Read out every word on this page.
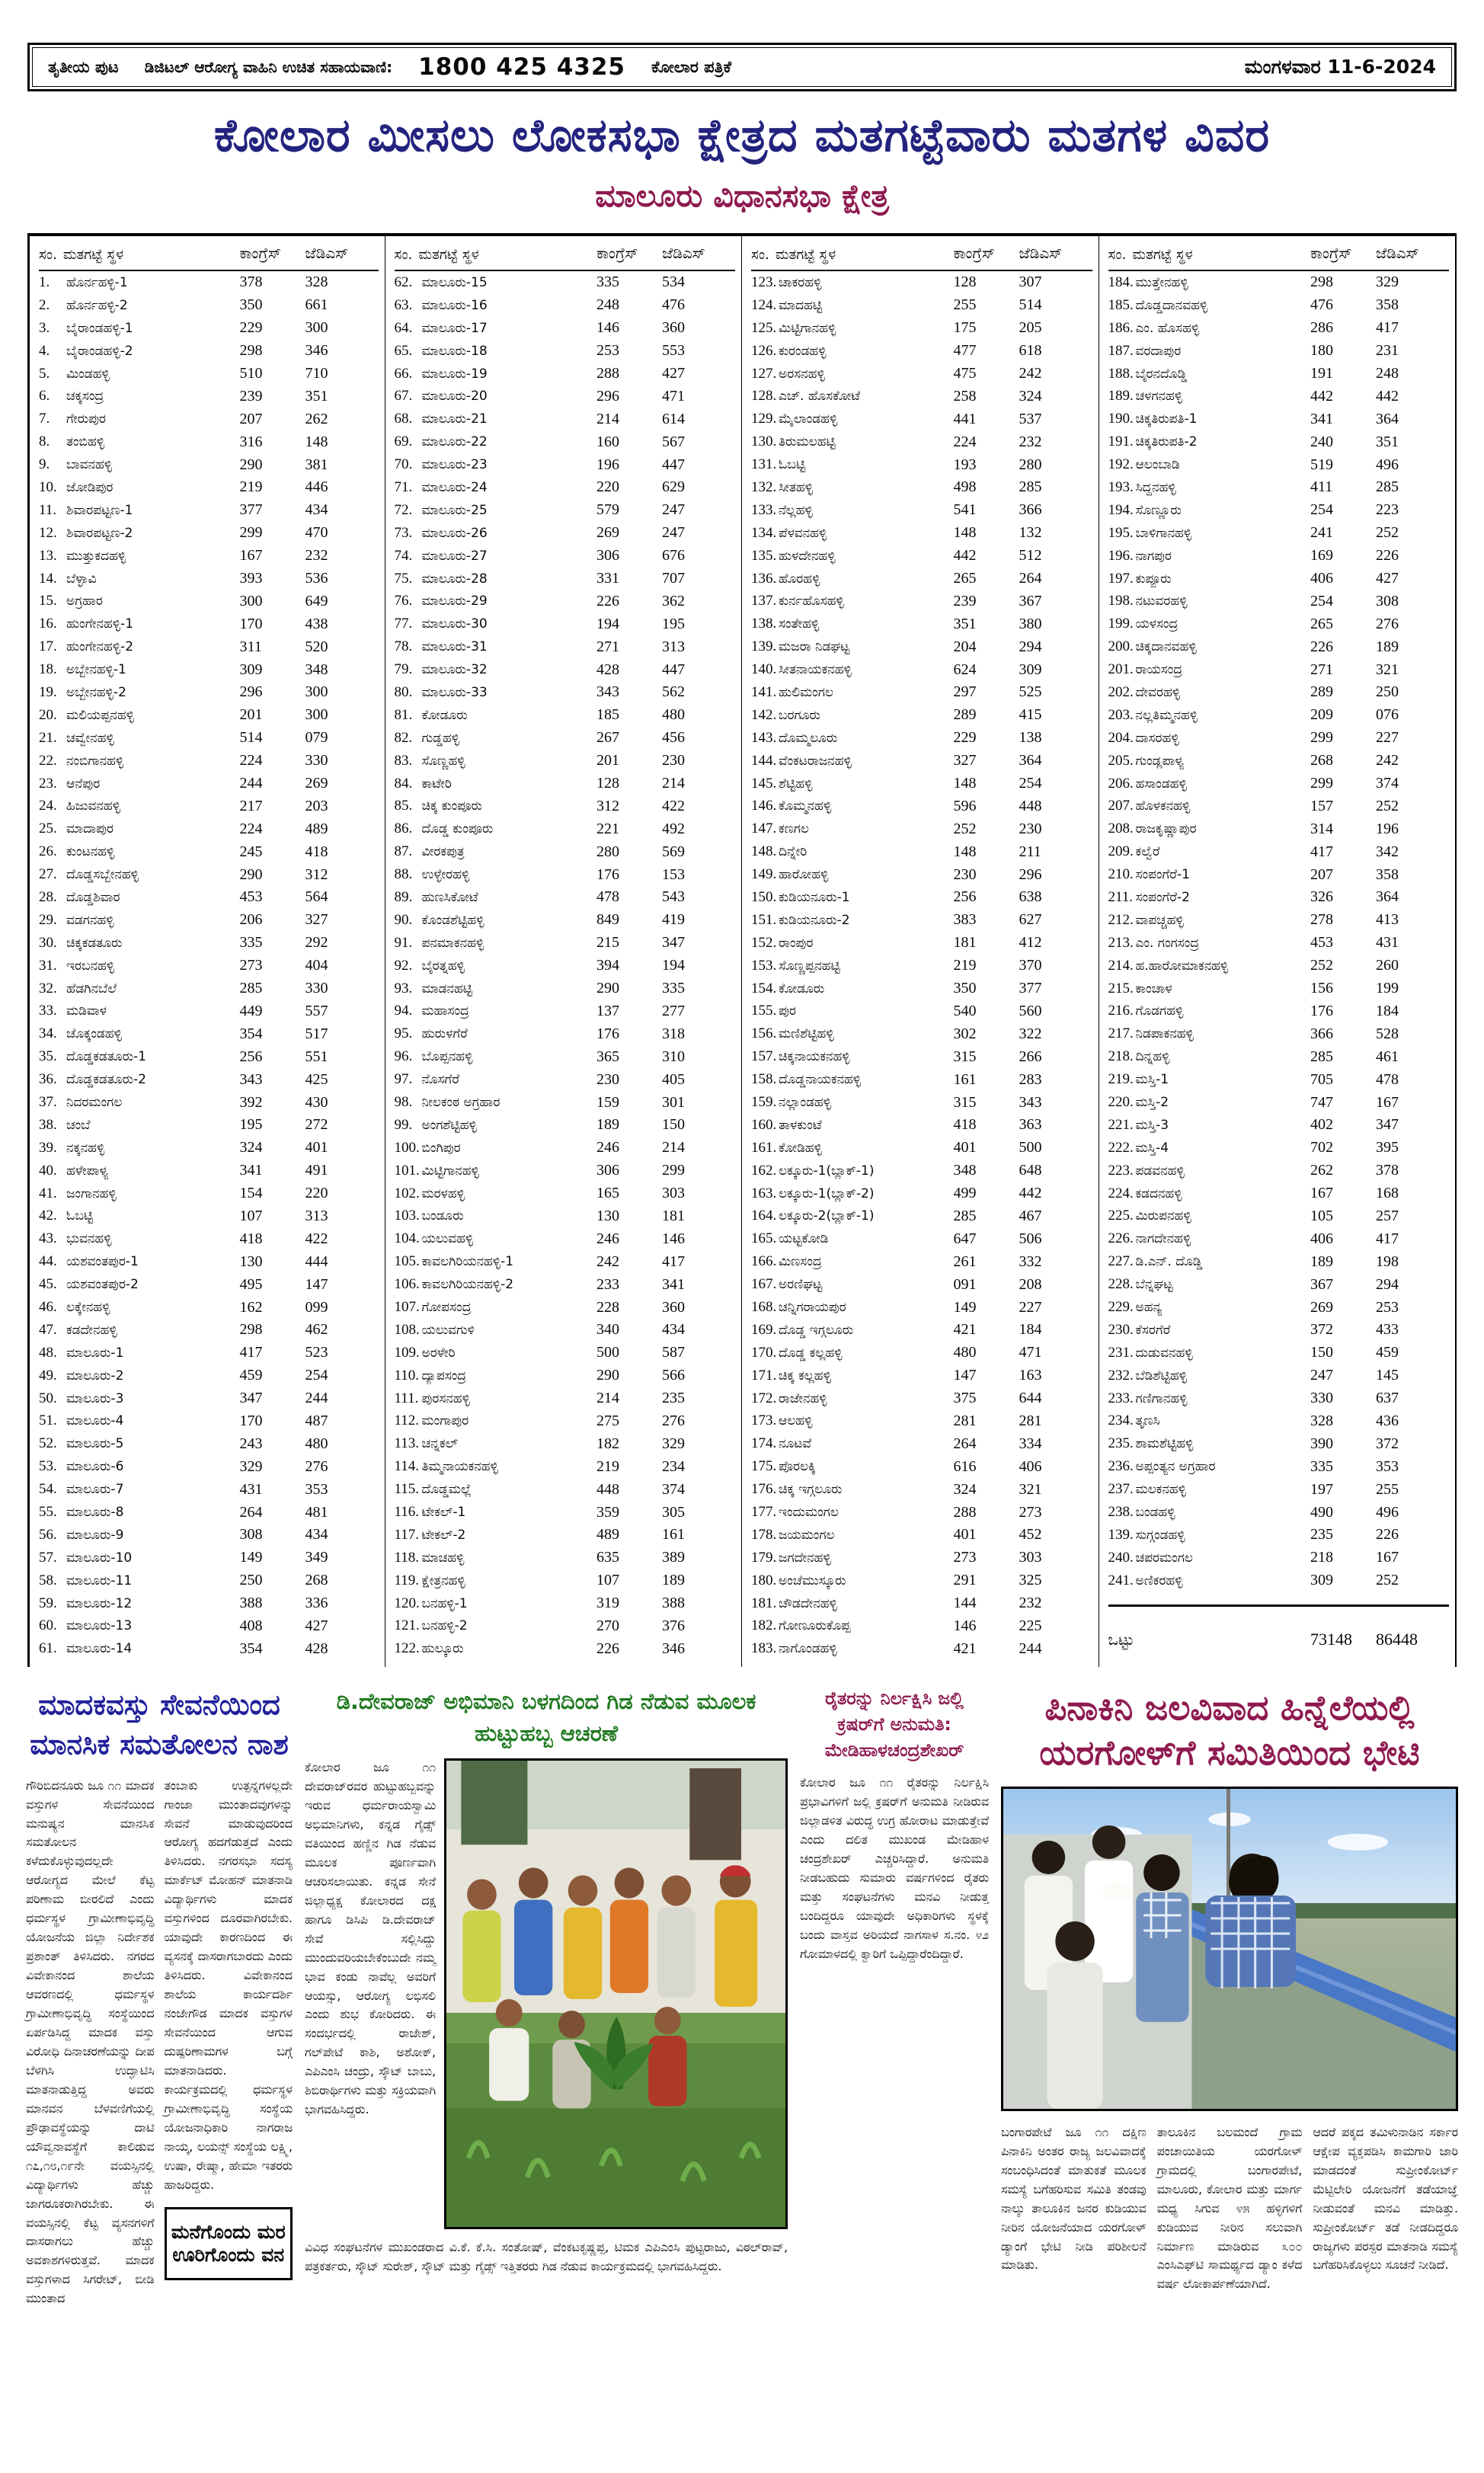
ತೃತೀಯ ಪುಟ ಡಿಜಿಟಲ್ ಆರೋಗ್ಯ ವಾಹಿನಿ ಉಚಿತ ಸಹಾಯವಾಣಿ: 1800 425 4325 ಕೋಲಾರ ಪತ್ರಿಕೆ	ಮಂಗಳವಾರ 11-6-2024
ಕೋಲಾರ ಮೀಸಲು ಲೋಕಸಭಾ ಕ್ಷೇತ್ರದ ಮತಗಟ್ಟೆವಾರು ಮತಗಳ ವಿವರ
ಮಾಲೂರು ವಿಧಾನಸಭಾ ಕ್ಷೇತ್ರ
ಸಂ. ಮತಗಟ್ಟೆ ಸ್ಥಳ	ಕಾಂಗ್ರೆಸ್	ಜೆಡಿಎಸ್
1. ಹೊರ್ನಹಳ್ಳಿ-1	378	328
2. ಹೊರ್ನಹಳ್ಳಿ-2	350	661
3. ಬೈರಾಂಡಹಳ್ಳಿ-1	229	300
4. ಬೈರಾಂಡಹಳ್ಳಿ-2	298	346
5. ಮಿಂಡಹಳ್ಳಿ	510	710
6. ಚಕ್ಕಸಂದ್ರ	239	351
7. ಗೇರುಪುರ	207	262
8. ತಂಬಿಹಳ್ಳಿ	316	148
9. ಬಾವನಹಳ್ಳಿ	290	381
10. ಜೋಡಿಪುರ	219	446
11. ಶಿವಾರಪಟ್ಟಣ-1	377	434
12. ಶಿವಾರಪಟ್ಟಣ-2	299	470
13. ಮುತ್ತುಕದಹಳ್ಳಿ	167	232
14. ಬೆಳ್ಳಾವಿ	393	536
15. ಅಗ್ರಹಾರ	300	649
16. ಹುಂಗೇನಹಳ್ಳಿ-1	170	438
17. ಹುಂಗೇನಹಳ್ಳಿ-2	311	520
18. ಅಬ್ಬೇನಹಳ್ಳಿ-1	309	348
19. ಅಬ್ಬೇನಹಳ್ಳಿ-2	296	300
20. ಮಲಿಯಪ್ಪನಹಳ್ಳಿ	201	300
21. ಚವ್ವೇನಹಳ್ಳಿ	514	079
22. ನಂಬಿಗಾನಹಳ್ಳಿ	224	330
23. ಆನೆಪುರ	244	269
24. ಹಿಜುವನಹಳ್ಳಿ	217	203
25. ಮಾದಾಪುರ	224	489
26. ಕುಂಟನಹಳ್ಳಿ	245	418
27. ದೊಡ್ಡಸಬ್ಬೇನಹಳ್ಳಿ	290	312
28. ದೊಡ್ಡಶಿವಾರ	453	564
29. ವಡಗನಹಳ್ಳಿ	206	327
30. ಚಿಕ್ಕಕಡತೂರು	335	292
31. ಇರಬನಹಳ್ಳಿ	273	404
32. ಹೆಡಗಿನಬೆಲೆ	285	330
33. ಮಡಿವಾಳ	449	557
34. ಚೊಕ್ಕಂಡಹಳ್ಳಿ	354	517
35. ದೊಡ್ಡಕಡತೂರು-1	256	551
36. ದೊಡ್ಡಕಡತೂರು-2	343	425
37. ನಿದರಮಂಗಲ	392	430
38. ಚಂಬೆ	195	272
39. ನಕ್ಕನಹಳ್ಳಿ	324	401
40. ಹಳೇಪಾಳ್ಯ	341	491
41. ಜಂಗಾನಹಳ್ಳಿ	154	220
42. ಓಬಟ್ಟಿ	107	313
43. ಭುವನಹಳ್ಳಿ	418	422
44. ಯಶವಂತಪುರ-1	130	444
45. ಯಶವಂತಪುರ-2	495	147
46. ಲಕ್ಕೇನಹಳ್ಳಿ	162	099
47. ಕಡದೇನಹಳ್ಳಿ	298	462
48. ಮಾಲೂರು-1	417	523
49. ಮಾಲೂರು-2	459	254
50. ಮಾಲೂರು-3	347	244
51. ಮಾಲೂರು-4	170	487
52. ಮಾಲೂರು-5	243	480
53. ಮಾಲೂರು-6	329	276
54. ಮಾಲೂರು-7	431	353
55. ಮಾಲೂರು-8	264	481
56. ಮಾಲೂರು-9	308	434
57. ಮಾಲೂರು-10	149	349
58. ಮಾಲೂರು-11	250	268
59. ಮಾಲೂರು-12	388	336
60. ಮಾಲೂರು-13	408	427
61. ಮಾಲೂರು-14	354	428
ಸಂ. ಮತಗಟ್ಟೆ ಸ್ಥಳ	ಕಾಂಗ್ರೆಸ್	ಜೆಡಿಎಸ್
62. ಮಾಲೂರು-15	335	534
63. ಮಾಲೂರು-16	248	476
64. ಮಾಲೂರು-17	146	360
65. ಮಾಲೂರು-18	253	553
66. ಮಾಲೂರು-19	288	427
67. ಮಾಲೂರು-20	296	471
68. ಮಾಲೂರು-21	214	614
69. ಮಾಲೂರು-22	160	567
70. ಮಾಲೂರು-23	196	447
71. ಮಾಲೂರು-24	220	629
72. ಮಾಲೂರು-25	579	247
73. ಮಾಲೂರು-26	269	247
74. ಮಾಲೂರು-27	306	676
75. ಮಾಲೂರು-28	331	707
76. ಮಾಲೂರು-29	226	362
77. ಮಾಲೂರು-30	194	195
78. ಮಾಲೂರು-31	271	313
79. ಮಾಲೂರು-32	428	447
80. ಮಾಲೂರು-33	343	562
81. ಕೋಡೂರು	185	480
82. ಗುಡ್ಡಹಳ್ಳಿ	267	456
83. ಸೊಣ್ಣಹಳ್ಳಿ	201	230
84. ಕಾಟೇರಿ	128	214
85. ಚಿಕ್ಕ ಕುಂಪೂರು	312	422
86. ದೊಡ್ಡ ಕುಂಪೂರು	221	492
87. ವೀರಕಪುತ್ರ	280	569
88. ಉಳ್ಳೇರಹಳ್ಳಿ	176	153
89. ಹುಣಸಿಕೋಟೆ	478	543
90. ಕೊಂಡಶೆಟ್ಟಿಹಳ್ಳಿ	849	419
91. ಪನಮಾಕನಹಳ್ಳಿ	215	347
92. ಬೈರತ್ನಹಳ್ಳಿ	394	194
93. ಮಾಡನಹಟ್ಟಿ	290	335
94. ಮಹಾಸಂದ್ರ	137	277
95. ಹುರುಳಗೆರೆ	176	318
96. ಬೊಪ್ಪನಹಳ್ಳಿ	365	310
97. ನೊಸಗೆರೆ	230	405
98. ನೀಲಕಂಠ ಅಗ್ರಹಾರ	159	301
99. ಅಂಗಶೆಟ್ಟಿಹಳ್ಳಿ	189	150
100. ಬಿಂಗಿಪುರ	246	214
101. ಮಿಟ್ಟಿಗಾನಹಳ್ಳಿ	306	299
102. ಮರಳಹಳ್ಳಿ	165	303
103. ಬಂಡೂರು	130	181
104. ಯಲುವಹಳ್ಳಿ	246	146
105. ಕಾವಲಗಿರಿಯನಹಳ್ಳಿ-1	242	417
106. ಕಾವಲಗಿರಿಯನಹಳ್ಳಿ-2	233	341
107. ಗೋಪಸಂದ್ರ	228	360
108. ಯಲುವಗುಳಿ	340	434
109. ಅರಳೇರಿ	500	587
110. ದ್ಯಾಪಸಂದ್ರ	290	566
111. ಪುರಸನಹಳ್ಳಿ	214	235
112. ಮಂಗಾಪುರ	275	276
113. ಚನ್ನಕಲ್	182	329
114. ತಿಮ್ಮನಾಯಕನಹಳ್ಳಿ	219	234
115. ದೊಡ್ಡಮಲ್ಲೆ	448	374
116. ಟೇಕಲ್-1	359	305
117. ಟೇಕಲ್-2	489	161
118. ಮಾಚಹಳ್ಳಿ	635	389
119. ಕ್ಷೇತ್ರನಹಳ್ಳಿ	107	189
120. ಬನಹಳ್ಳಿ-1	319	388
121. ಬನಹಳ್ಳಿ-2	270	376
122. ಹುಲ್ಕೂರು	226	346
ಸಂ. ಮತಗಟ್ಟೆ ಸ್ಥಳ	ಕಾಂಗ್ರೆಸ್	ಜೆಡಿಎಸ್
123. ಚಾಕರಹಳ್ಳಿ	128	307
124. ಮಾದಹಟ್ಟಿ	255	514
125. ಮಿಟ್ಟಿಗಾನಹಳ್ಳಿ	175	205
126. ಕುರಂಡಹಳ್ಳಿ	477	618
127. ಅರಸನಹಳ್ಳಿ	475	242
128. ಎಚ್. ಹೊಸಕೋಟೆ	258	324
129. ಮೈಲಾಂಡಹಳ್ಳಿ	441	537
130. ತಿರುಮಲಹಟ್ಟಿ	224	232
131. ಓಬಟ್ಟಿ	193	280
132. ಸೀತಹಳ್ಳಿ	498	285
133. ನೆಲ್ಲಹಳ್ಳಿ	541	366
134. ಪೆಳವನಹಳ್ಳಿ	148	132
135. ಹುಳದೇನಹಳ್ಳಿ	442	512
136. ಹೊರಹಳ್ಳಿ	265	264
137. ಕುರ್ನಹೊಸಹಳ್ಳಿ	239	367
138. ಸಂತೇಹಳ್ಳಿ	351	380
139. ಮಜರಾ ನಿಡಘಟ್ಟ	204	294
140. ಸೀತನಾಯಕನಹಳ್ಳಿ	624	309
141. ಹುಲಿಮಂಗಲ	297	525
142. ಬರಗೂರು	289	415
143. ದೊಮ್ಮಲೂರು	229	138
144. ವೆಂಕಟರಾಜನಹಳ್ಳಿ	327	364
145. ಶೆಟ್ಟಿಹಳ್ಳಿ	148	254
146. ಕೊಮ್ಮನಹಳ್ಳಿ	596	448
147. ಕಣಗಲ	252	230
148. ದಿನ್ನೇರಿ	148	211
149. ಹಾರೋಹಳ್ಳಿ	230	296
150. ಕುಡಿಯನೂರು-1	256	638
151. ಕುಡಿಯನೂರು-2	383	627
152. ರಾಂಪುರ	181	412
153. ಸೊಣ್ಣಪ್ಪನಹಟ್ಟಿ	219	370
154. ಕೋಡೂರು	350	377
155. ಪುರ	540	560
156. ಮಣಿಶೆಟ್ಟಿಹಳ್ಳಿ	302	322
157. ಚಿಕ್ಕನಾಯಕನಹಳ್ಳಿ	315	266
158. ದೊಡ್ಡನಾಯಕನಹಳ್ಳಿ	161	283
159. ನಲ್ಲಾಂಡಹಳ್ಳಿ	315	343
160. ತಾಳಕುಂಟೆ	418	363
161. ಕೋಡಿಹಳ್ಳಿ	401	500
162. ಲಕ್ಕೂರು-1(ಬ್ಲಾಕ್-1)	348	648
163. ಲಕ್ಕೂರು-1(ಬ್ಲಾಕ್-2)	499	442
164. ಲಕ್ಕೂರು-2(ಬ್ಲಾಕ್-1)	285	467
165. ಯಟ್ಟಕೋಡಿ	647	506
166. ಮಿಣಸಂದ್ರ	261	332
167. ಅರಣಿಘಟ್ಟ	091	208
168. ಚನ್ನಿಗರಾಯಪುರ	149	227
169. ದೊಡ್ಡ ಇಗ್ಗಲೂರು	421	184
170. ದೊಡ್ಡ ಕಲ್ಲಹಳ್ಳಿ	480	471
171. ಚಿಕ್ಕ ಕಲ್ಲಹಳ್ಳಿ	147	163
172. ರಾಜೇನಹಳ್ಳಿ	375	644
173. ಆಲಹಳ್ಳಿ	281	281
174. ನೂಟವೆ	264	334
175. ಪೊರಲಕ್ಕಿ	616	406
176. ಚಿಕ್ಕ ಇಗ್ಗಲೂರು	324	321
177. ಇಂದುಮಂಗಲ	288	273
178. ಜಯಮಂಗಲ	401	452
179. ಜಗದೇನಹಳ್ಳಿ	273	303
180. ಅಂಚೆಮುಸ್ಕೂರು	291	325
181. ಚೌಡದೇನಹಳ್ಳಿ	144	232
182. ಗೋಣೂರುಕೊಪ್ಪ	146	225
183. ನಾಗೊಂಡಹಳ್ಳಿ	421	244
ಸಂ. ಮತಗಟ್ಟೆ ಸ್ಥಳ	ಕಾಂಗ್ರೆಸ್	ಜೆಡಿಎಸ್
184. ಮುತ್ತೇನಹಳ್ಳಿ	298	329
185. ದೊಡ್ಡದಾನವಹಳ್ಳಿ	476	358
186. ಎಂ. ಹೊಸಹಳ್ಳಿ	286	417
187. ವರದಾಪುರ	180	231
188. ಬೈರನದೊಡ್ಡಿ	191	248
189. ಚಳಗನಹಳ್ಳಿ	442	442
190. ಚಿಕ್ಕತಿರುಪತಿ-1	341	364
191. ಚಿಕ್ಕತಿರುಪತಿ-2	240	351
192. ಆಲಂಬಾಡಿ	519	496
193. ಸಿದ್ದನಹಳ್ಳಿ	411	285
194. ಸೊಣ್ಣೂರು	254	223
195. ಬಾಳಿಗಾನಹಳ್ಳಿ	241	252
196. ನಾಗಪುರ	169	226
197. ಕುಪ್ಪೂರು	406	427
198. ನಟುವರಹಳ್ಳಿ	254	308
199. ಯಳಸಂದ್ರ	265	276
200. ಚಿಕ್ಕದಾನವಹಳ್ಳಿ	226	189
201. ರಾಯಸಂದ್ರ	271	321
202. ದೇವರಹಳ್ಳಿ	289	250
203. ನಲ್ಲತಿಮ್ಮನಹಳ್ಳಿ	209	076
204. ದಾಸರಹಳ್ಳಿ	299	227
205. ಗುಂಡ್ಲಪಾಳ್ಯ	268	242
206. ಹಸಾಂಡಹಳ್ಳಿ	299	374
207. ಹೊಳಕನಹಳ್ಳಿ	157	252
208. ರಾಜಕೃಷ್ಣಾಪುರ	314	196
209. ಕಲ್ವೆರೆ	417	342
210. ಸಂಪಂಗೆರೆ-1	207	358
211. ಸಂಪಂಗೆರೆ-2	326	364
212. ವಾಪಚ್ಚಹಳ್ಳಿ	278	413
213. ಎಂ. ಗಂಗಸಂದ್ರ	453	431
214. ಹ.ಹಾರೋಮಾಕನಹಳ್ಳಿ	252	260
215. ಕಾಂಚಾಳ	156	199
216. ಗೊಡಗಹಳ್ಳಿ	176	184
217. ನಿಡಪಾಕನಹಳ್ಳಿ	366	528
218. ದಿನ್ನಹಳ್ಳಿ	285	461
219. ಮಸ್ತಿ-1	705	478
220. ಮಸ್ತಿ-2	747	167
221. ಮಸ್ತಿ-3	402	347
222. ಮಸ್ತಿ-4	702	395
223. ಪಡವನಹಳ್ಳಿ	262	378
224. ಕಡದನಹಳ್ಳಿ	167	168
225. ಮಿರುಪನಹಳ್ಳಿ	105	257
226. ನಾಗದೇನಹಳ್ಳಿ	406	417
227. ಡಿ.ಎನ್. ದೊಡ್ಡಿ	189	198
228. ಬೆನ್ನಘಟ್ಟ	367	294
229. ಅಹನ್ಯ	269	253
230. ಕೆಸರಗೆರೆ	372	433
231. ದುಡುವನಹಳ್ಳಿ	150	459
232. ಬೆಡಿಶೆಟ್ಟಿಹಳ್ಳಿ	247	145
233. ಗಣಿಗಾನಹಳ್ಳಿ	330	637
234. ತೃಣಸಿ	328	436
235. ಶಾಮಶೆಟ್ಟಿಹಳ್ಳಿ	390	372
236. ಅಪ್ಪಂತ್ಯನ ಅಗ್ರಹಾರ	335	353
237. ಮಲಕನಹಳ್ಳಿ	197	255
238. ಬಂಡಹಳ್ಳಿ	490	496
139. ಸುಗ್ಗಂಡಹಳ್ಳಿ	235	226
240. ಚಪರಮಂಗಲ	218	167
241. ಅಣಿಕರಹಳ್ಳಿ	309	252
ಒಟ್ಟು	73148	86448
ಮಾದಕವಸ್ತು ಸೇವನೆಯಿಂದ ಮಾನಸಿಕ ಸಮತೋಲನ ನಾಶ
ಗೌರಿಬಿದನೂರು ಜೂ ೧೧ ಮಾದಕ ವಸ್ತುಗಳ ಸೇವನೆಯಿಂದ ಮನುಷ್ಯನ ಮಾನಸಿಕ ಸಮತೋಲನ ಕಳೆದುಕೊಳ್ಳುವುದಲ್ಲದೇ ಆರೋಗ್ಯದ ಮೇಲೆ ಕೆಟ್ಟ ಪರಿಣಾಮ ಬೀರಲಿದೆ ಎಂದು ಧರ್ಮಸ್ಥಳ ಗ್ರಾಮೀಣಾಭಿವೃದ್ಧಿ ಯೋಜನೆಯ ಜಿಲ್ಲಾ ನಿರ್ದೇಶಕ ಪ್ರಶಾಂತ್ ತಿಳಿಸಿದರು. ನಗರದ ವಿವೇಕಾನಂದ ಶಾಲೆಯ ಆವರಣದಲ್ಲಿ ಧರ್ಮಸ್ಥಳ ಗ್ರಾಮೀಣಾಭಿವೃದ್ಧಿ ಸಂಸ್ಥೆಯಿಂದ ಏರ್ಪಡಿಸಿದ್ದ ಮಾದಕ ವಸ್ತು ವಿರೋಧಿ ದಿನಾಚರಣೆಯನ್ನು ದೀಪ ಬೆಳಗಿಸಿ ಉದ್ಘಾಟಿಸಿ ಮಾತನಾಡುತ್ತಿದ್ದ ಅವರು ಮಾನವನ ಬೆಳವಣಿಗೆಯಲ್ಲಿ ಪ್ರೌಢಾವಸ್ಥೆಯನ್ನು ದಾಟಿ ಯೌವ್ವನಾವಸ್ಥೆಗೆ ಕಾಲಿಡುವ ೧೭,೧೮,೧೯ನೇ ವಯಸ್ಸಿನಲ್ಲಿ ವಿದ್ಯಾರ್ಥಿಗಳು ಹೆಚ್ಚು ಜಾಗರೂಕರಾಗಿರಬೇಕು. ಈ ವಯಸ್ಸಿನಲ್ಲಿ ಕೆಟ್ಟ ವ್ಯಸನಗಳಿಗೆ ದಾಸರಾಗಲು ಹೆಚ್ಚು ಅವಕಾಶಗಳಿರುತ್ತವೆ. ಮಾದಕ ವಸ್ತುಗಳಾದ ಸಿಗರೇಟ್, ಬೀಡಿ ಮುಂತಾದ
ತಂಬಾಕು ಉತ್ಪನ್ನಗಳಲ್ಲದೇ ಗಾಂಜಾ ಮುಂತಾದವುಗಳನ್ನು ಸೇವನೆ ಮಾಡುವುದರಿಂದ ಆರೋಗ್ಯ ಹದಗೆಡುತ್ತದೆ ಎಂದು ತಿಳಿಸಿದರು. ನಗರಸಭಾ ಸದಸ್ಯ ಮಾರ್ಕೆಟ್ ಮೋಹನ್ ಮಾತನಾಡಿ ವಿದ್ಯಾರ್ಥಿಗಳು ಮಾದಕ ವಸ್ತುಗಳಿಂದ ದೂರವಾಗಿರಬೇಕು. ಯಾವುದೇ ಕಾರಣದಿಂದ ಈ ವ್ಯಸನಕ್ಕೆ ದಾಸರಾಗಬಾರದು ಎಂದು ತಿಳಿಸಿದರು. ವಿವೇಕಾನಂದ ಶಾಲೆಯ ಕಾರ್ಯದರ್ಶಿ ನಂಜೇಗೌಡ ಮಾದಕ ವಸ್ತುಗಳ ಸೇವನೆಯಿಂದ ಆಗುವ ದುಷ್ಪರಿಣಾಮಗಳ ಬಗ್ಗೆ ಮಾತನಾಡಿದರು. ಕಾರ್ಯಕ್ರಮದಲ್ಲಿ ಧರ್ಮಸ್ಥಳ ಗ್ರಾಮೀಣಾಭಿವೃದ್ಧಿ ಸಂಸ್ಥೆಯ ಯೋಜನಾಧಿಕಾರಿ ನಾಗರಾಜ ನಾಯ್ಕ, ಲಯನ್ಸ್ ಸಂಸ್ಥೆಯ ಲಕ್ಷ್ಮಿ, ಉಷಾ, ರೇಷ್ಮಾ, ಹೇಮಾ ಇತರರು ಹಾಜರಿದ್ದರು.
ಮನೆಗೊಂದು ಮರ ಊರಿಗೊಂದು ವನ
ಡಿ.ದೇವರಾಜ್ ಅಭಿಮಾನಿ ಬಳಗದಿಂದ ಗಿಡ ನೆಡುವ ಮೂಲಕ ಹುಟ್ಟುಹಬ್ಬ ಆಚರಣೆ
ಕೋಲಾರ ಜೂ ೧೧ ದೇವರಾಜ್‌ರವರ ಹುಟ್ಟುಹಬ್ಬವನ್ನು ಇರುವ ಧರ್ಮರಾಯಸ್ವಾಮಿ ಅಭಿಮಾನಿಗಳು, ಕನ್ನಡ ಗೈಡ್ಸ್ ವತಿಯಿಂದ ಹಣ್ಣಿನ ಗಿಡ ನೆಡುವ ಮೂಲಕ ಪೂರ್ಣವಾಗಿ ಆಚರಿಸಲಾಯಿತು. ಕನ್ನಡ ಸೇನೆ ಜಿಲ್ಲಾಧ್ಯಕ್ಷ ಕೋಲಾರದ ದಕ್ಷ ಹಾಗೂ ಡಿಸಿಪಿ ಡಿ.ದೇವರಾಜ್ ಸೇವೆ ಸಲ್ಲಿಸಿದ್ದು ಮುಂದುವರಿಯಬೇಕೆಂಬುದೇ ನಮ್ಮ ಭಾವ ಕಂಡು ನಾವೆಲ್ಲ ಅವರಿಗೆ ಆಯಸ್ಸು, ಆರೋಗ್ಯ ಲಭಿಸಲಿ ಎಂದು ಶುಭ ಕೋರಿದರು. ಈ ಸಂದರ್ಭದಲ್ಲಿ ರಾಜೇಶ್, ಗಲ್‌ಪೇಟೆ ಕಾಶಿ, ಅಶೋಕ್, ಎಪಿಎಂಸಿ ಚಂದ್ರು, ಸ್ಕೌಟ್ ಬಾಬು, ಶಿಬಿರಾರ್ಥಿಗಳು ಮತ್ತು ಸಕ್ರಿಯವಾಗಿ ಭಾಗವಹಿಸಿದ್ದರು.
ವಿವಿಧ ಸಂಘಟನೆಗಳ ಮುಖಂಡರಾದ ವಿ.ಕೆ. ಕೆ.ಸಿ. ಸಂತೋಷ್, ವೆಂಕಟಕೃಷ್ಣಪ್ಪ, ಟಿಮಕ ಎಪಿಎಂಸಿ ಪುಟ್ಟರಾಜು, ವಿಠಲ್‌ರಾವ್, ಪತ್ರಕರ್ತರು, ಸ್ಕೌಟ್ ಸುರೇಶ್, ಸ್ಕೌಟ್ ಮತ್ತು ಗೈಡ್ಸ್ ಇತ್ತಿತರರು ಗಿಡ ನೆಡುವ ಕಾರ್ಯಕ್ರಮದಲ್ಲಿ ಭಾಗವಹಿಸಿದ್ದರು.
ರೈತರನ್ನು ನಿರ್ಲಕ್ಷಿಸಿ ಜಲ್ಲಿ ಕ್ರಷರ್‌ಗೆ ಅನುಮತಿ: ಮೇಡಿಹಾಳಚಂದ್ರಶೇಖರ್
ಕೋಲಾರ ಜೂ ೧೧ ರೈತರನ್ನು ನಿರ್ಲಕ್ಷಿಸಿ ಪ್ರಭಾವಿಗಳಿಗೆ ಜಲ್ಲಿ ಕ್ರಷರ್‌ಗೆ ಅನುಮತಿ ನೀಡಿರುವ ಜಿಲ್ಲಾಡಳಿತ ವಿರುದ್ಧ ಉಗ್ರ ಹೋರಾಟ ಮಾಡುತ್ತೇವೆ ಎಂದು ದಲಿತ ಮುಖಂಡ ಮೇಡಿಹಾಳ ಚಂದ್ರಶೇಖರ್ ಎಚ್ಚರಿಸಿದ್ದಾರೆ. ಅನುಮತಿ ನೀಡಬಹುದು ಸುಮಾರು ವರ್ಷಗಳಿಂದ ರೈತರು ಮತ್ತು ಸಂಘಟನೆಗಳು ಮನವಿ ನೀಡುತ್ತ ಬಂದಿದ್ದರೂ ಯಾವುದೇ ಅಧಿಕಾರಿಗಳು ಸ್ಥಳಕ್ಕೆ ಬಂದು ವಾಸ್ತವ ಅರಿಯದೆ ನಾಗಸಾಳ ಸ.ನಂ. ೪೨ ಗೋಮಾಳದಲ್ಲಿ ಕ್ವಾರಿಗೆ ಒಪ್ಪಿದ್ದಾರೆಂದಿದ್ದಾರೆ.
ಪಿನಾಕಿನಿ ಜಲವಿವಾದ ಹಿನ್ನೆಲೆಯಲ್ಲಿ ಯರಗೋಳ್‌ಗೆ ಸಮಿತಿಯಿಂದ ಭೇಟಿ
ಬಂಗಾರಪೇಟೆ ಜೂ ೧೧ ದಕ್ಷಿಣ ಪಿನಾಕಿನಿ ಅಂತರ ರಾಜ್ಯ ಜಲವಿವಾದಕ್ಕೆ ಸಂಬಂಧಿಸಿದಂತೆ ಮಾತುಕತೆ ಮೂಲಕ ಸಮಸ್ಯೆ ಬಗೆಹರಿಸುವ ಸಮಿತಿ ತಂಡವು ನಾಲ್ಕು ತಾಲೂಕಿನ ಜನರ ಕುಡಿಯುವ ನೀರಿನ ಯೋಜನೆಯಾದ ಯರಗೋಳ್ ಡ್ಯಾಂಗೆ ಭೇಟಿ ನೀಡಿ ಪರಿಶೀಲನೆ ಮಾಡಿತು.
ತಾಲೂಕಿನ ಬಲಮಂದೆ ಗ್ರಾಮ ಪಂಚಾಯಿತಿಯ ಯರಗೋಳ್ ಗ್ರಾಮದಲ್ಲಿ ಬಂಗಾರಪೇಟೆ, ಮಾಲೂರು, ಕೋಲಾರ ಮತ್ತು ಮಾರ್ಗ ಮಧ್ಯ ಸಿಗುವ ೪೫ ಹಳ್ಳಿಗಳಿಗೆ ಕುಡಿಯುವ ನೀರಿನ ಸಲುವಾಗಿ ನಿರ್ಮಾಣ ಮಾಡಿರುವ ೩೦೦ ಎಂಸಿಎಫ್‌ಟಿ ಸಾಮರ್ಥ್ಯದ ಡ್ಯಾಂ ಕಳೆದ ವರ್ಷ ಲೋಕಾರ್ಪಣೆಯಾಗಿದೆ.
ಆದರೆ ಪಕ್ಕದ ತಮಿಳುನಾಡಿನ ಸರ್ಕಾರ ಆಕ್ಷೇಪ ವ್ಯಕ್ತಪಡಿಸಿ ಕಾಮಗಾರಿ ಜಾರಿ ಮಾಡದಂತೆ ಸುಪ್ರೀಂಕೋರ್ಟ್ ಮೆಟ್ಟಿಲೇರಿ ಯೋಜನೆಗೆ ತಡೆಯಾಜ್ಞೆ ನೀಡುವಂತೆ ಮನವಿ ಮಾಡಿತ್ತು. ಸುಪ್ರೀಂಕೋರ್ಟ್ ತಡೆ ನೀಡದಿದ್ದರೂ ರಾಜ್ಯಗಳು ಪರಸ್ಪರ ಮಾತನಾಡಿ ಸಮಸ್ಯೆ ಬಗೆಹರಿಸಿಕೊಳ್ಳಲು ಸೂಚನೆ ನೀಡಿದೆ.
